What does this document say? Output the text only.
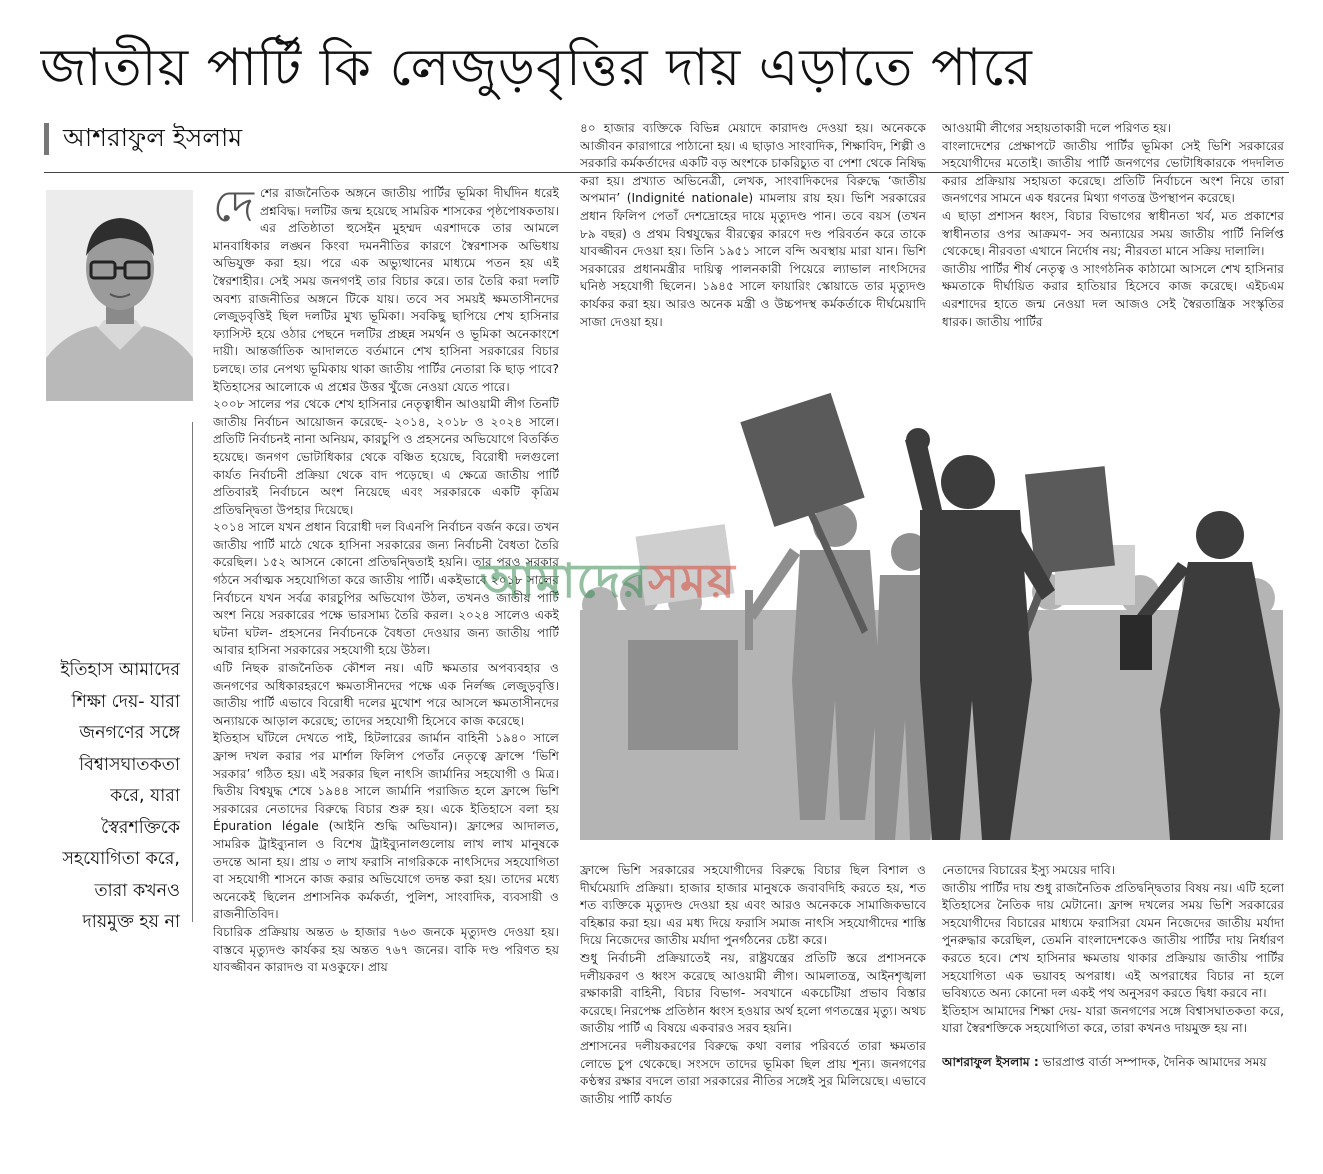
জাতীয় পার্টি কি লেজুড়বৃত্তির দায় এড়াতে পারে
আশরাফুল ইসলাম
ইতিহাস আমাদের শিক্ষা দেয়- যারা জনগণের সঙ্গে বিশ্বাসঘাতকতা করে, যারা স্বৈরশক্তিকে সহযোগিতা করে, তারা কখনও দায়মুক্ত হয় না

দেশের রাজনৈতিক অঙ্গনে জাতীয় পার্টির ভূমিকা দীর্ঘদিন ধরেই প্রশ্নবিদ্ধ। দলটির জন্ম হয়েছে সামরিক শাসকের পৃষ্ঠপোষকতায়। এর প্রতিষ্ঠাতা হুসেইন মুহম্মদ এরশাদকে তার আমলে মানবাধিকার লঙ্ঘন কিংবা দমননীতির কারণে স্বৈরশাসক অভিধায় অভিযুক্ত করা হয়। পরে এক অভ্যুত্থানের মাধ্যমে পতন হয় এই স্বৈরশাহীর। সেই সময় জনগণই তার বিচার করে। তার তৈরি করা দলটি অবশ্য রাজনীতির অঙ্গনে টিকে যায়। তবে সব সময়ই ক্ষমতাসীনদের লেজুড়বৃত্তিই ছিল দলটির মুখ্য ভূমিকা। সবকিছু ছাপিয়ে শেখ হাসিনার ফ্যাসিস্ট হয়ে ওঠার পেছনে দলটির প্রচ্ছন্ন সমর্থন ও ভূমিকা অনেকাংশে দায়ী। আন্তর্জাতিক আদালতে বর্তমানে শেখ হাসিনা সরকারের বিচার চলছে। তার নেপথ্য ভূমিকায় থাকা জাতীয় পার্টির নেতারা কি ছাড় পাবে? ইতিহাসের আলোকে এ প্রশ্নের উত্তর খুঁজে নেওয়া যেতে পারে।

২০০৮ সালের পর থেকে শেখ হাসিনার নেতৃত্বাধীন আওয়ামী লীগ তিনটি জাতীয় নির্বাচন আয়োজন করেছে- ২০১৪, ২০১৮ ও ২০২৪ সালে। প্রতিটি নির্বাচনই নানা অনিয়ম, কারচুপি ও প্রহসনের অভিযোগে বিতর্কিত হয়েছে। জনগণ ভোটাধিকার থেকে বঞ্চিত হয়েছে, বিরোধী দলগুলো কার্যত নির্বাচনী প্রক্রিয়া থেকে বাদ পড়েছে। এ ক্ষেত্রে জাতীয় পার্টি প্রতিবারই নির্বাচনে অংশ নিয়েছে এবং সরকারকে একটি কৃত্রিম প্রতিদ্বন্দ্বিতা উপহার দিয়েছে।

২০১৪ সালে যখন প্রধান বিরোধী দল বিএনপি নির্বাচন বর্জন করে। তখন জাতীয় পার্টি মাঠে থেকে হাসিনা সরকারের জন্য নির্বাচনী বৈধতা তৈরি করেছিল। ১৫২ আসনে কোনো প্রতিদ্বন্দ্বিতাই হয়নি। তার পরও সরকার গঠনে সর্বাত্মক সহযোগিতা করে জাতীয় পার্টি। একইভাবে ২০১৮ সালের নির্বাচনে যখন সর্বত্র কারচুপির অভিযোগ উঠল, তখনও জাতীয় পার্টি অংশ নিয়ে সরকারের পক্ষে ভারসাম্য তৈরি করল। ২০২৪ সালেও একই ঘটনা ঘটল- প্রহসনের নির্বাচনকে বৈধতা দেওয়ার জন্য জাতীয় পার্টি আবার হাসিনা সরকারের সহযোগী হয়ে উঠল।

এটি নিছক রাজনৈতিক কৌশল নয়। এটি ক্ষমতার অপব্যবহার ও জনগণের অধিকারহরণে ক্ষমতাসীনদের পক্ষে এক নির্লজ্জ লেজুড়বৃত্তি। জাতীয় পার্টি এভাবে বিরোধী দলের মুখোশ পরে আসলে ক্ষমতাসীনদের অন্যায়কে আড়াল করেছে; তাদের সহযোগী হিসেবে কাজ করেছে।

ইতিহাস ঘাঁটলে দেখতে পাই, হিটলারের জার্মান বাহিনী ১৯৪০ সালে ফ্রান্স দখল করার পর মার্শাল ফিলিপ পেতাঁর নেতৃত্বে ফ্রান্সে ‘ভিশি সরকার’ গঠিত হয়। এই সরকার ছিল নাৎসি জার্মানির সহযোগী ও মিত্র। দ্বিতীয় বিশ্বযুদ্ধ শেষে ১৯৪৪ সালে জার্মানি পরাজিত হলে ফ্রান্সে ভিশি সরকারের নেতাদের বিরুদ্ধে বিচার শুরু হয়। একে ইতিহাসে বলা হয় Épuration légale (আইনি শুদ্ধি অভিযান)। ফ্রান্সের আদালত, সামরিক ট্রাইব্যুনাল ও বিশেষ ট্রাইব্যুনালগুলোয় লাখ লাখ মানুষকে তদন্তে আনা হয়। প্রায় ৩ লাখ ফরাসি নাগরিককে নাৎসিদের সহযোগিতা বা সহযোগী শাসনে কাজ করার অভিযোগে তদন্ত করা হয়। তাদের মধ্যে অনেকেই ছিলেন প্রশাসনিক কর্মকর্তা, পুলিশ, সাংবাদিক, ব্যবসায়ী ও রাজনীতিবিদ।

বিচারিক প্রক্রিয়ায় অন্তত ৬ হাজার ৭৬৩ জনকে মৃত্যুদণ্ড দেওয়া হয়। বাস্তবে মৃত্যুদণ্ড কার্যকর হয় অন্তত ৭৬৭ জনের। বাকি দণ্ড পরিণত হয় যাবজ্জীবন কারাদণ্ড বা মওকুফে। প্রায়

৪০ হাজার ব্যক্তিকে বিভিন্ন মেয়াদে কারাদণ্ড দেওয়া হয়। অনেককে আজীবন কারাগারে পাঠানো হয়। এ ছাড়াও সাংবাদিক, শিক্ষাবিদ, শিল্পী ও সরকারি কর্মকর্তাদের একটি বড় অংশকে চাকরিচ্যুত বা পেশা থেকে নিষিদ্ধ করা হয়। প্রখ্যাত অভিনেত্রী, লেখক, সাংবাদিকদের বিরুদ্ধে ‘জাতীয় অপমান’ (Indignité nationale) মামলায় রায় হয়। ভিশি সরকারের প্রধান ফিলিপ পেতাঁ দেশদ্রোহের দায়ে মৃত্যুদণ্ড পান। তবে বয়স (তখন ৮৯ বছর) ও প্রথম বিশ্বযুদ্ধের বীরত্বের কারণে দণ্ড পরিবর্তন করে তাকে যাবজ্জীবন দেওয়া হয়। তিনি ১৯৫১ সালে বন্দি অবস্থায় মারা যান। ভিশি সরকারের প্রধানমন্ত্রীর দায়িত্ব পালনকারী পিয়েরে ল্যাভাল নাৎসিদের ঘনিষ্ঠ সহযোগী ছিলেন। ১৯৪৫ সালে ফায়ারিং স্কোয়াডে তার মৃত্যুদণ্ড কার্যকর করা হয়। আরও অনেক মন্ত্রী ও উচ্চপদস্থ কর্মকর্তাকে দীর্ঘমেয়াদি সাজা দেওয়া হয়।

আওয়ামী লীগের সহায়তাকারী দলে পরিণত হয়।

বাংলাদেশের প্রেক্ষাপটে জাতীয় পার্টির ভূমিকা সেই ভিশি সরকারের সহযোগীদের মতোই। জাতীয় পার্টি জনগণের ভোটাধিকারকে পদদলিত করার প্রক্রিয়ায় সহায়তা করেছে। প্রতিটি নির্বাচনে অংশ নিয়ে তারা জনগণের সামনে এক ধরনের মিথ্যা গণতন্ত্র উপস্থাপন করেছে।

এ ছাড়া প্রশাসন ধ্বংস, বিচার বিভাগের স্বাধীনতা খর্ব, মত প্রকাশের স্বাধীনতার ওপর আক্রমণ- সব অন্যায়ের সময় জাতীয় পার্টি নির্লিপ্ত থেকেছে। নীরবতা এখানে নির্দোষ নয়; নীরবতা মানে সক্রিয় দালালি।

জাতীয় পার্টির শীর্ষ নেতৃত্ব ও সাংগঠনিক কাঠামো আসলে শেখ হাসিনার ক্ষমতাকে দীর্ঘায়িত করার হাতিয়ার হিসেবে কাজ করেছে। এইচএম এরশাদের হাতে জন্ম নেওয়া দল আজও সেই স্বৈরতান্ত্রিক সংস্কৃতির ধারক। জাতীয় পার্টির

আমাদেরসময়

ফ্রান্সে ভিশি সরকারের সহযোগীদের বিরুদ্ধে বিচার ছিল বিশাল ও দীর্ঘমেয়াদি প্রক্রিয়া। হাজার হাজার মানুষকে জবাবদিহি করতে হয়, শত শত ব্যক্তিকে মৃত্যুদণ্ড দেওয়া হয় এবং আরও অনেককে সামাজিকভাবে বহিষ্কার করা হয়। এর মধ্য দিয়ে ফরাসি সমাজ নাৎসি সহযোগীদের শাস্তি দিয়ে নিজেদের জাতীয় মর্যাদা পুনর্গঠনের চেষ্টা করে।

শুধু নির্বাচনী প্রক্রিয়াতেই নয়, রাষ্ট্রযন্ত্রের প্রতিটি স্তরে প্রশাসনকে দলীয়করণ ও ধ্বংস করেছে আওয়ামী লীগ। আমলাতন্ত্র, আইনশৃঙ্খলা রক্ষাকারী বাহিনী, বিচার বিভাগ- সবখানে একচেটিয়া প্রভাব বিস্তার করেছে। নিরপেক্ষ প্রতিষ্ঠান ধ্বংস হওয়ার অর্থ হলো গণতন্ত্রের মৃত্যু। অথচ জাতীয় পার্টি এ বিষয়ে একবারও সরব হয়নি।

প্রশাসনের দলীয়করণের বিরুদ্ধে কথা বলার পরিবর্তে তারা ক্ষমতার লোভে চুপ থেকেছে। সংসদে তাদের ভূমিকা ছিল প্রায় শূন্য। জনগণের কণ্ঠস্বর রক্ষার বদলে তারা সরকারের নীতির সঙ্গেই সুর মিলিয়েছে। এভাবে জাতীয় পার্টি কার্যত

নেতাদের বিচারের ইস্যু সময়ের দাবি।

জাতীয় পার্টির দায় শুধু রাজনৈতিক প্রতিদ্বন্দ্বিতার বিষয় নয়। এটি হলো ইতিহাসের নৈতিক দায় মেটানো। ফ্রান্স দখলের সময় ভিশি সরকারের সহযোগীদের বিচারের মাধ্যমে ফরাসিরা যেমন নিজেদের জাতীয় মর্যাদা পুনরুদ্ধার করেছিল, তেমনি বাংলাদেশকেও জাতীয় পার্টির দায় নির্ধারণ করতে হবে। শেখ হাসিনার ক্ষমতায় থাকার প্রক্রিয়ায় জাতীয় পার্টির সহযোগিতা এক ভয়াবহ অপরাধ। এই অপরাধের বিচার না হলে ভবিষ্যতে অন্য কোনো দল একই পথ অনুসরণ করতে দ্বিধা করবে না।

ইতিহাস আমাদের শিক্ষা দেয়- যারা জনগণের সঙ্গে বিশ্বাসঘাতকতা করে, যারা স্বৈরশক্তিকে সহযোগিতা করে, তারা কখনও দায়মুক্ত হয় না।

আশরাফুল ইসলাম : ভারপ্রাপ্ত বার্তা সম্পাদক, দৈনিক আমাদের সময়
